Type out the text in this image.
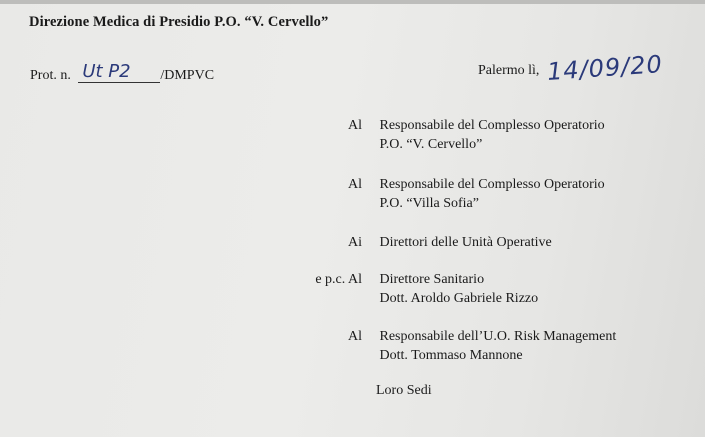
Direzione Medica di Presidio P.O. “V. Cervello”
Prot. n. Ut P2 /DMPVC	Palermo lì, 14/09/20
Al Responsabile del Complesso Operatorio
P.O. “V. Cervello”
Al Responsabile del Complesso Operatorio
P.O. “Villa Sofia”
Ai Direttori delle Unità Operative
e p.c. Al Direttore Sanitario
Dott. Aroldo Gabriele Rizzo
Al Responsabile dell’U.O. Risk Management
Dott. Tommaso Mannone
Loro Sedi
